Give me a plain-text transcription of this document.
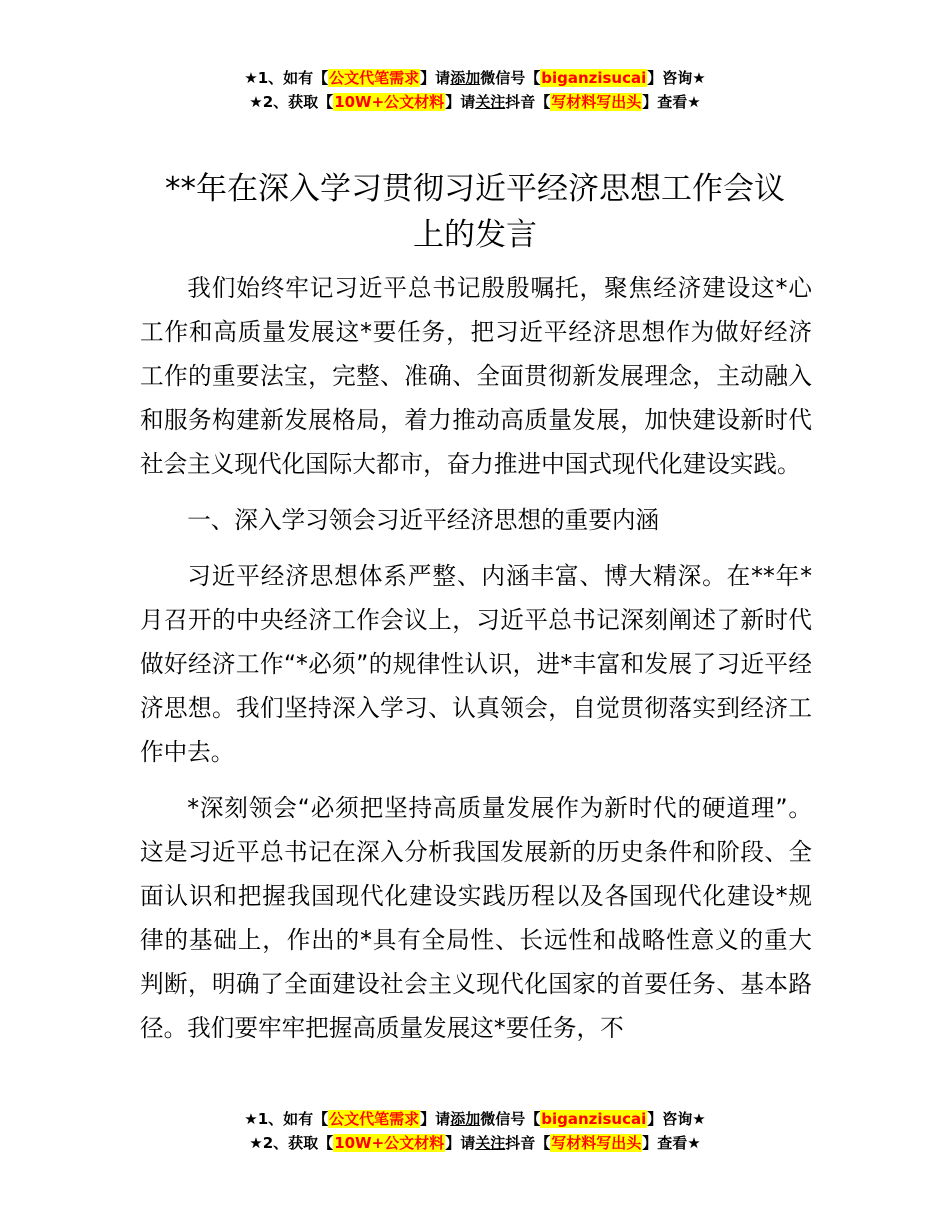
★1、如有【公文代笔需求】请添加微信号【biganzisucai】咨询★
★2、获取【10W+公文材料】请关注抖音【写材料写出头】查看★
**年在深入学习贯彻习近平经济思想工作会议
上的发言

我们始终牢记习近平总书记殷殷嘱托，聚焦经济建设这*心工作和高质量发展这*要任务，把习近平经济思想作为做好经济工作的重要法宝，完整、准确、全面贯彻新发展理念，主动融入和服务构建新发展格局，着力推动高质量发展，加快建设新时代社会主义现代化国际大都市，奋力推进中国式现代化建设实践。

一、深入学习领会习近平经济思想的重要内涵

习近平经济思想体系严整、内涵丰富、博大精深。在**年*月召开的中央经济工作会议上，习近平总书记深刻阐述了新时代做好经济工作“*必须”的规律性认识，进*丰富和发展了习近平经济思想。我们坚持深入学习、认真领会，自觉贯彻落实到经济工作中去。

*深刻领会“必须把坚持高质量发展作为新时代的硬道理”。这是习近平总书记在深入分析我国发展新的历史条件和阶段、全面认识和把握我国现代化建设实践历程以及各国现代化建设*规律的基础上，作出的*具有全局性、长远性和战略性意义的重大判断，明确了全面建设社会主义现代化国家的首要任务、基本路径。我们要牢牢把握高质量发展这*要任务，不

★1、如有【公文代笔需求】请添加微信号【biganzisucai】咨询★
★2、获取【10W+公文材料】请关注抖音【写材料写出头】查看★
